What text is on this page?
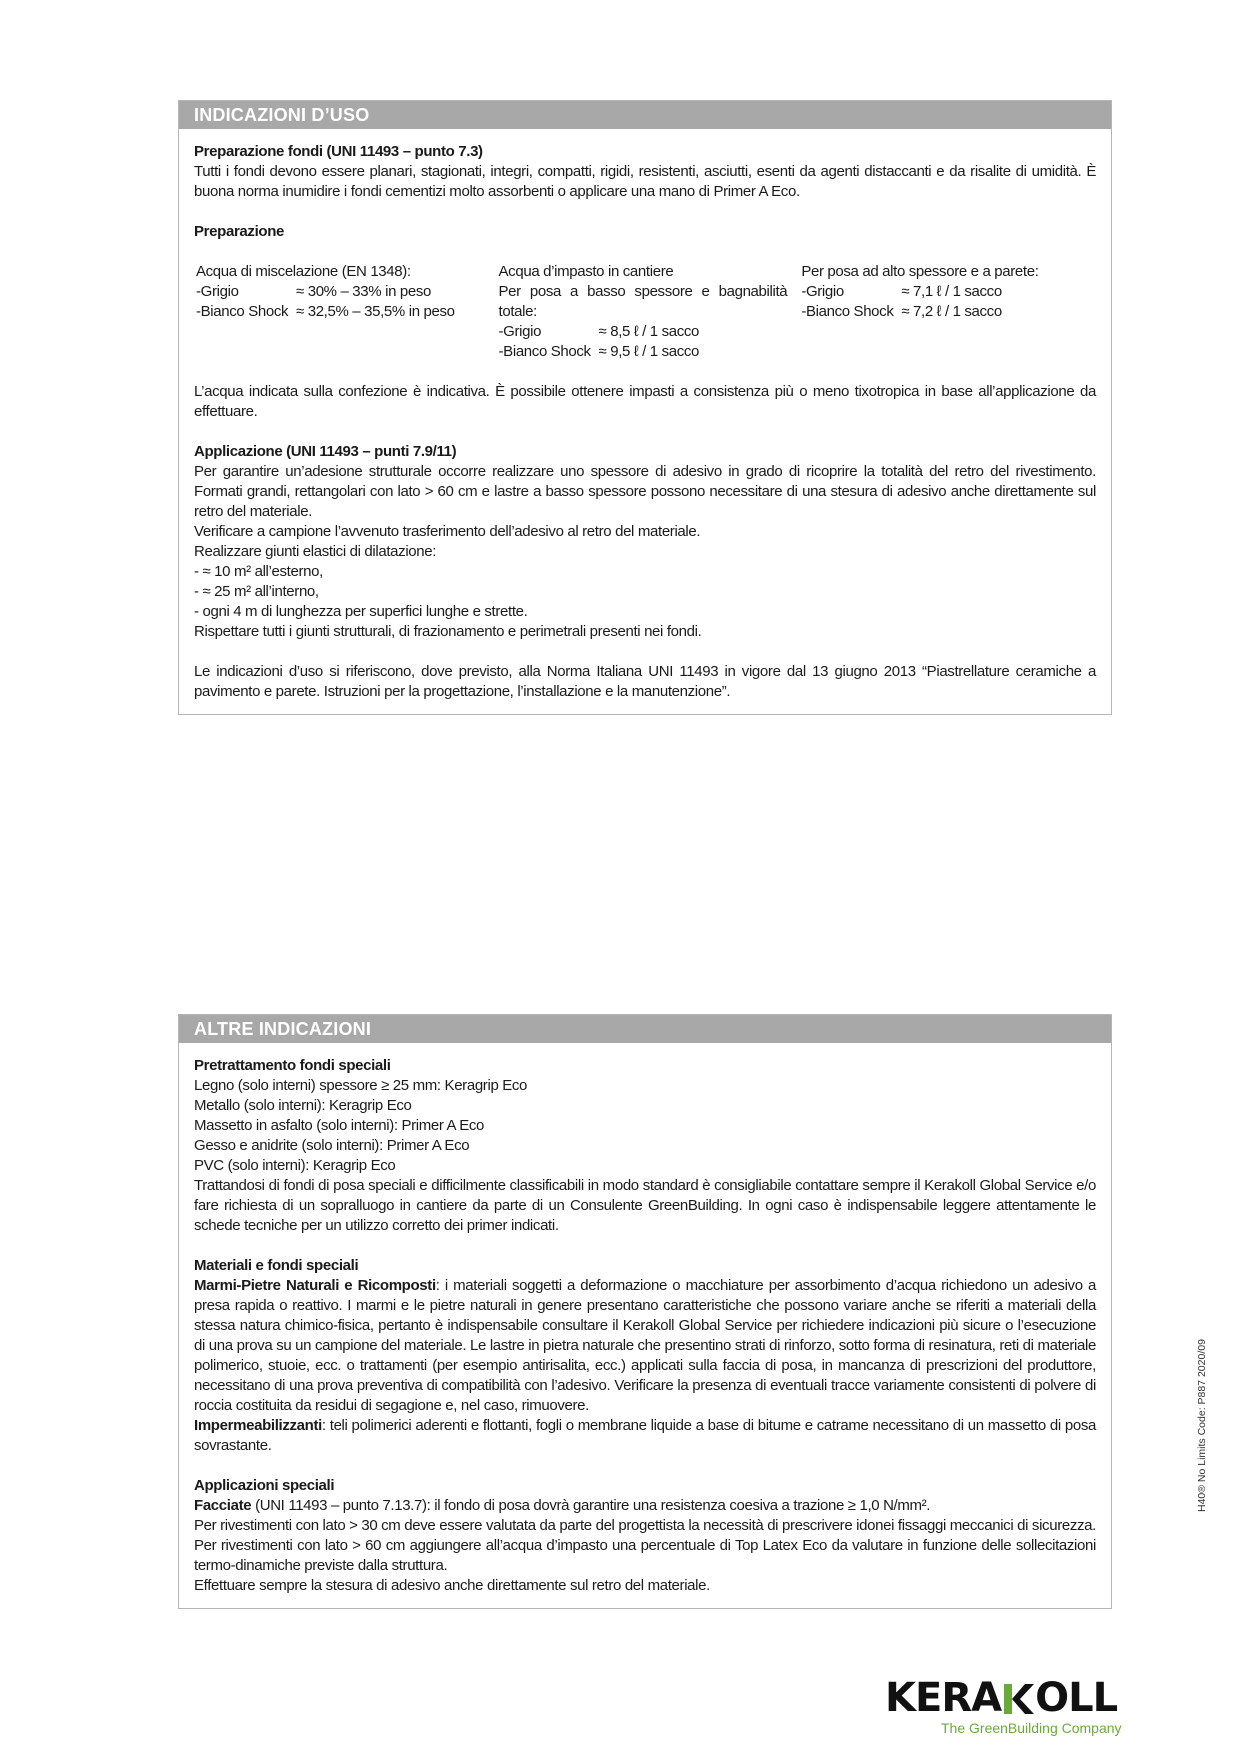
INDICAZIONI D’USO

Preparazione fondi (UNI 11493 – punto 7.3)

Tutti i fondi devono essere planari, stagionati, integri, compatti, rigidi, resistenti, asciutti, esenti da agenti distaccanti e da risalite di umidità. È buona norma inumidire i fondi cementizi molto assorbenti o applicare una mano di Primer A Eco.

Preparazione

Acqua di miscelazione (EN 1348):
-Grigio	≈ 30% – 33% in peso
-Bianco Shock ≈ 32,5% – 35,5% in peso
Acqua d’impasto in cantiere
Per posa a basso spessore e bagnabilità totale:
-Grigio	≈ 8,5 ℓ / 1 sacco
-Bianco Shock ≈ 9,5 ℓ / 1 sacco
Per posa ad alto spessore e a parete:
-Grigio	≈ 7,1 ℓ / 1 sacco
-Bianco Shock ≈ 7,2 ℓ / 1 sacco

L’acqua indicata sulla confezione è indicativa. È possibile ottenere impasti a consistenza più o meno tixotropica in base all’applicazione da effettuare.

Applicazione (UNI 11493 – punti 7.9/11)

Per garantire un’adesione strutturale occorre realizzare uno spessore di adesivo in grado di ricoprire la totalità del retro del rivestimento. Formati grandi, rettangolari con lato > 60 cm e lastre a basso spessore possono necessitare di una stesura di adesivo anche direttamente sul retro del materiale.

Verificare a campione l’avvenuto trasferimento dell’adesivo al retro del materiale.

Realizzare giunti elastici di dilatazione:

- ≈ 10 m² all’esterno,

- ≈ 25 m² all’interno,

- ogni 4 m di lunghezza per superfici lunghe e strette.

Rispettare tutti i giunti strutturali, di frazionamento e perimetrali presenti nei fondi.

Le indicazioni d’uso si riferiscono, dove previsto, alla Norma Italiana UNI 11493 in vigore dal 13 giugno 2013 “Piastrellature ceramiche a pavimento e parete. Istruzioni per la progettazione, l’installazione e la manutenzione”.

ALTRE INDICAZIONI

Pretrattamento fondi speciali

Legno (solo interni) spessore ≥ 25 mm: Keragrip Eco

Metallo (solo interni): Keragrip Eco

Massetto in asfalto (solo interni): Primer A Eco

Gesso e anidrite (solo interni): Primer A Eco

PVC (solo interni): Keragrip Eco

Trattandosi di fondi di posa speciali e difficilmente classificabili in modo standard è consigliabile contattare sempre il Kerakoll Global Service e/o fare richiesta di un sopralluogo in cantiere da parte di un Consulente GreenBuilding. In ogni caso è indispensabile leggere attentamente le schede tecniche per un utilizzo corretto dei primer indicati.

Materiali e fondi speciali

Marmi-Pietre Naturali e Ricomposti: i materiali soggetti a deformazione o macchiature per assorbimento d’acqua richiedono un adesivo a presa rapida o reattivo. I marmi e le pietre naturali in genere presentano caratteristiche che possono variare anche se riferiti a materiali della stessa natura chimico-fisica, pertanto è indispensabile consultare il Kerakoll Global Service per richiedere indicazioni più sicure o l’esecuzione di una prova su un campione del materiale. Le lastre in pietra naturale che presentino strati di rinforzo, sotto forma di resinatura, reti di materiale polimerico, stuoie, ecc. o trattamenti (per esempio antirisalita, ecc.) applicati sulla faccia di posa, in mancanza di prescrizioni del produttore, necessitano di una prova preventiva di compatibilità con l’adesivo. Verificare la presenza di eventuali tracce variamente consistenti di polvere di roccia costituita da residui di segagione e, nel caso, rimuovere.

Impermeabilizzanti: teli polimerici aderenti e flottanti, fogli o membrane liquide a base di bitume e catrame necessitano di un massetto di posa sovrastante.

Applicazioni speciali

Facciate (UNI 11493 – punto 7.13.7): il fondo di posa dovrà garantire una resistenza coesiva a trazione ≥ 1,0 N/mm².

Per rivestimenti con lato > 30 cm deve essere valutata da parte del progettista la necessità di prescrivere idonei fissaggi meccanici di sicurezza.

Per rivestimenti con lato > 60 cm aggiungere all’acqua d’impasto una percentuale di Top Latex Eco da valutare in funzione delle sollecitazioni termo-dinamiche previste dalla struttura.

Effettuare sempre la stesura di adesivo anche direttamente sul retro del materiale.

H40® No Limits Code: P887 2020/09
KERA OLL
The GreenBuilding Company
